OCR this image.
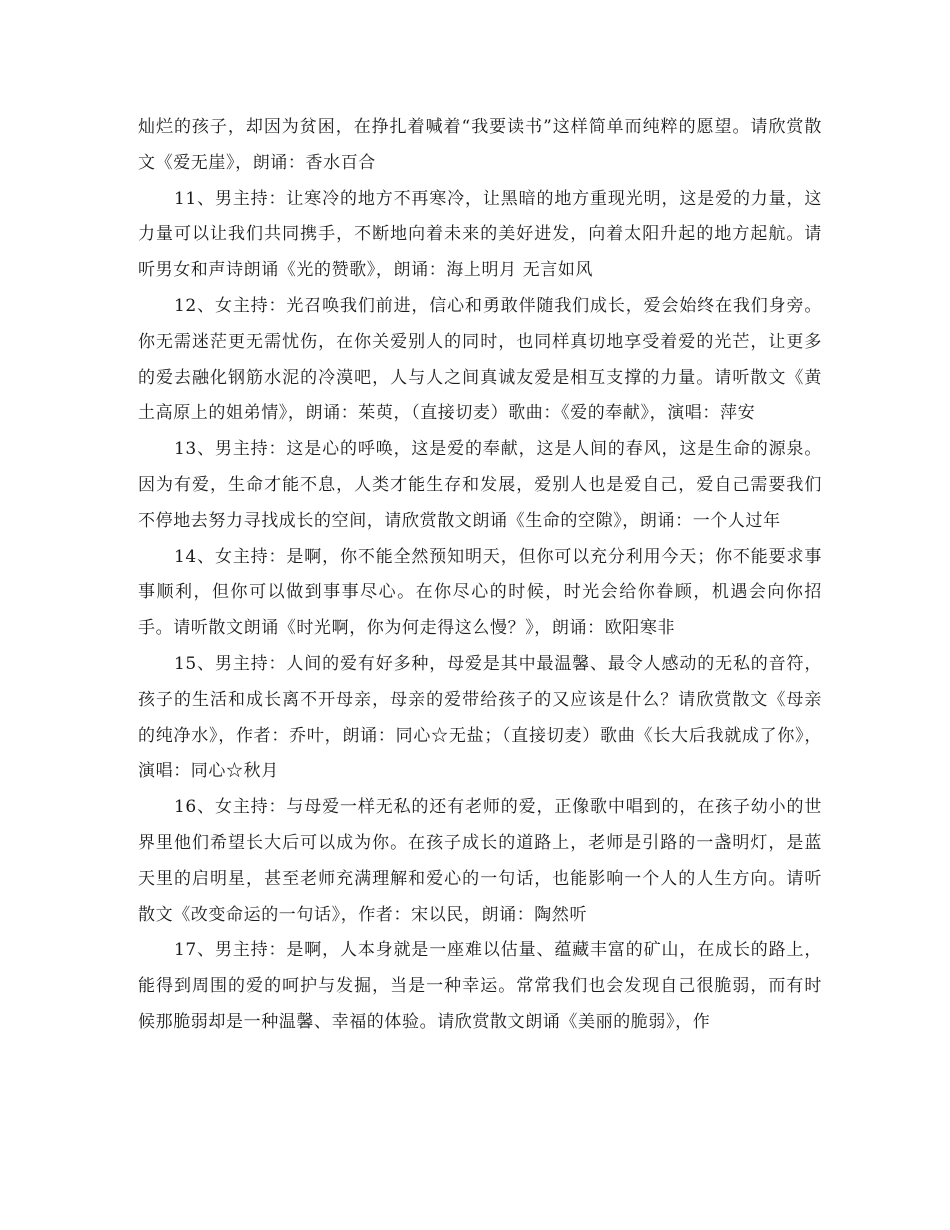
灿烂的孩子，却因为贫困，在挣扎着喊着“我要读书”这样简单而纯粹的愿望。请欣赏散文《爱无崖》，朗诵：香水百合

11、男主持：让寒冷的地方不再寒冷，让黑暗的地方重现光明，这是爱的力量，这力量可以让我们共同携手，不断地向着未来的美好进发，向着太阳升起的地方起航。请听男女和声诗朗诵《光的赞歌》，朗诵：海上明月 无言如风

12、女主持：光召唤我们前进，信心和勇敢伴随我们成长，爱会始终在我们身旁。你无需迷茫更无需忧伤，在你关爱别人的同时，也同样真切地享受着爱的光芒，让更多的爱去融化钢筋水泥的冷漠吧，人与人之间真诚友爱是相互支撑的力量。请听散文《黄土高原上的姐弟情》，朗诵：茱萸，（直接切麦）歌曲：《爱的奉献》，演唱：萍安

13、男主持：这是心的呼唤，这是爱的奉献，这是人间的春风，这是生命的源泉。因为有爱，生命才能不息，人类才能生存和发展，爱别人也是爱自己，爱自己需要我们不停地去努力寻找成长的空间，请欣赏散文朗诵《生命的空隙》，朗诵：一个人过年

14、女主持：是啊，你不能全然预知明天，但你可以充分利用今天；你不能要求事事顺利，但你可以做到事事尽心。在你尽心的时候，时光会给你眷顾，机遇会向你招手。请听散文朗诵《时光啊，你为何走得这么慢？》，朗诵：欧阳寒非

15、男主持：人间的爱有好多种，母爱是其中最温馨、最令人感动的无私的音符，孩子的生活和成长离不开母亲，母亲的爱带给孩子的又应该是什么？请欣赏散文《母亲的纯净水》，作者：乔叶，朗诵：同心☆无盐；（直接切麦）歌曲《长大后我就成了你》，演唱：同心☆秋月

16、女主持：与母爱一样无私的还有老师的爱，正像歌中唱到的，在孩子幼小的世界里他们希望长大后可以成为你。在孩子成长的道路上，老师是引路的一盏明灯，是蓝天里的启明星，甚至老师充满理解和爱心的一句话，也能影响一个人的人生方向。请听散文《改变命运的一句话》，作者：宋以民，朗诵：陶然听

17、男主持：是啊，人本身就是一座难以估量、蕴藏丰富的矿山，在成长的路上，能得到周围的爱的呵护与发掘，当是一种幸运。常常我们也会发现自己很脆弱，而有时候那脆弱却是一种温馨、幸福的体验。请欣赏散文朗诵《美丽的脆弱》，作
